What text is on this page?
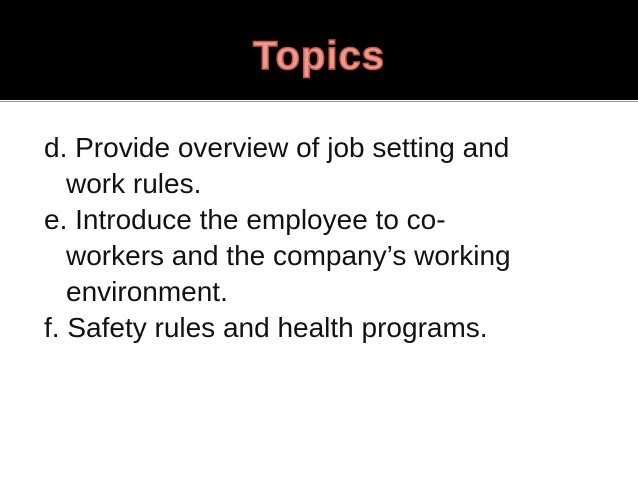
Topics
d. Provide overview of job setting and
work rules.
e. Introduce the employee to co-
workers and the company’s working
environment.
f. Safety rules and health programs.
